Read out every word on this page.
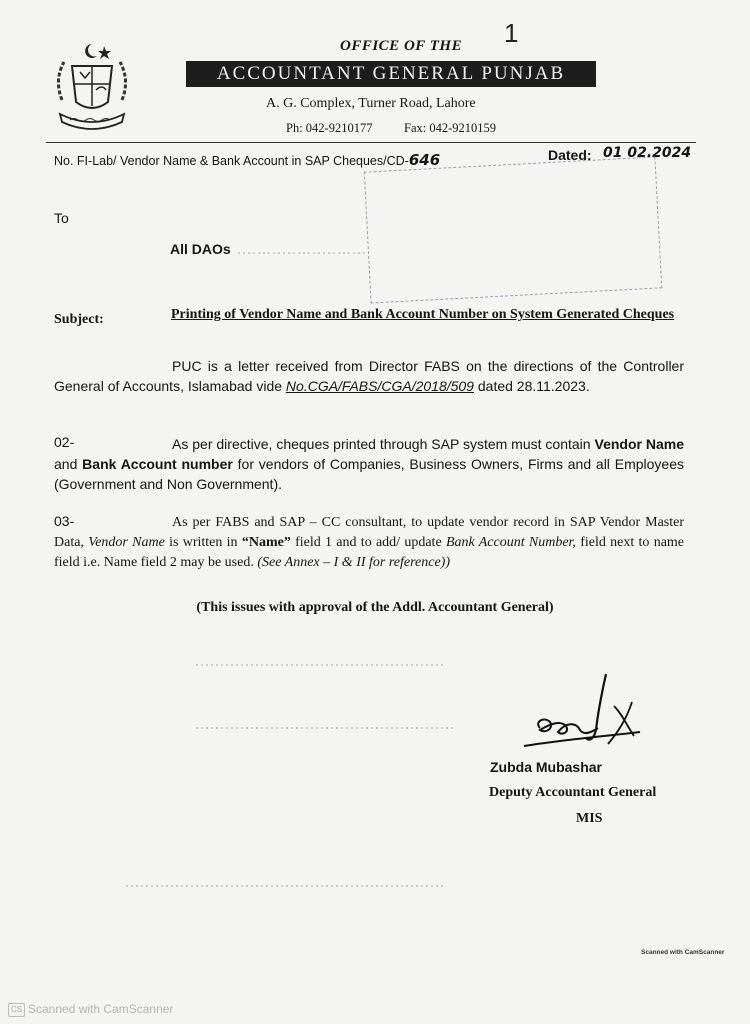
1
OFFICE OF THE
ACCOUNTANT GENERAL PUNJAB
A. G. Complex, Turner Road, Lahore
Ph: 042-9210177	Fax: 042-9210159
No. FI-Lab/ Vendor Name & Bank Account in SAP Cheques/CD-646	Dated: 01 02.2024
To
All DAOs
Subject:	Printing of Vendor Name and Bank Account Number on System Generated Cheques
PUC is a letter received from Director FABS on the directions of the Controller General of Accounts, Islamabad vide No.CGA/FABS/CGA/2018/509 dated 28.11.2023.
02-	As per directive, cheques printed through SAP system must contain Vendor Name and Bank Account number for vendors of Companies, Business Owners, Firms and all Employees (Government and Non Government).
03-	As per FABS and SAP – CC consultant, to update vendor record in SAP Vendor Master Data, Vendor Name is written in “Name” field 1 and to add/ update Bank Account Number, field next to name field i.e. Name field 2 may be used. (See Annex – I & II for reference))
(This issues with approval of the Addl. Accountant General)
Zubda Mubashar
Deputy Accountant General
MIS
Scanned with CamScanner
CS Scanned with CamScanner
